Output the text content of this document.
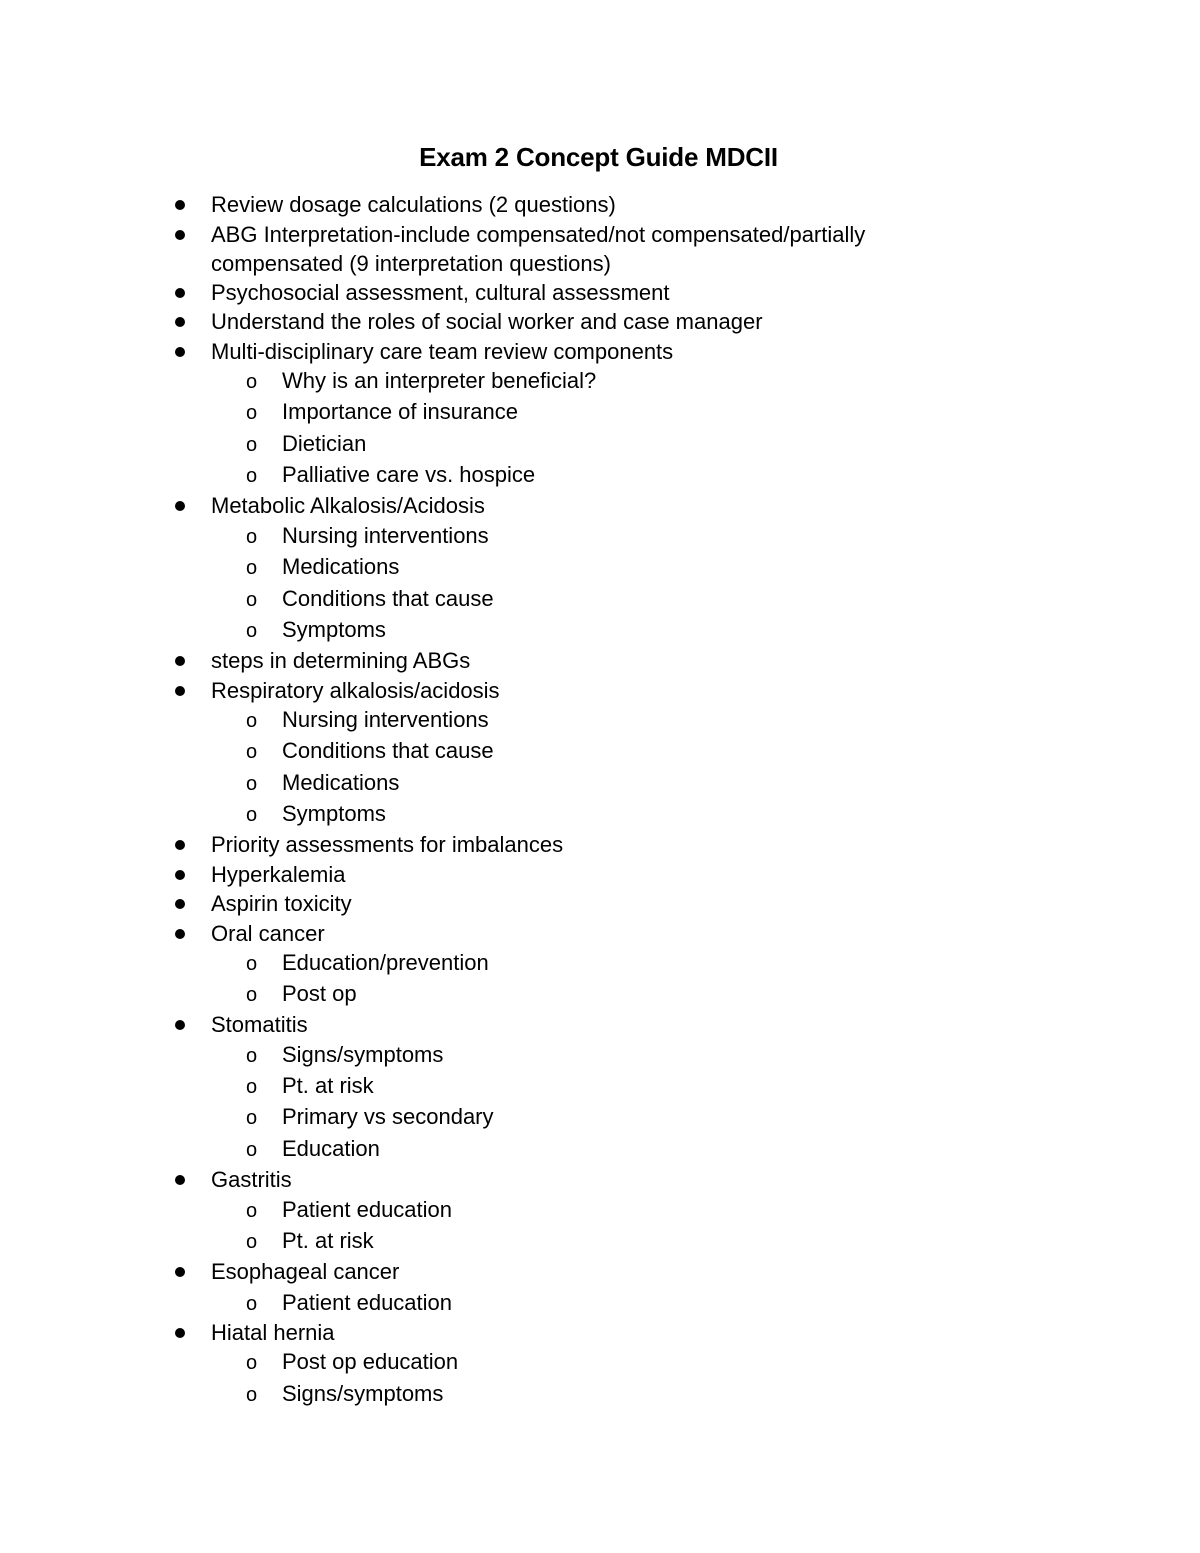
Exam 2 Concept Guide MDCII
Review dosage calculations (2 questions)
ABG Interpretation-include compensated/not compensated/partially
compensated (9 interpretation questions)
Psychosocial assessment, cultural assessment
Understand the roles of social worker and case manager
Multi-disciplinary care team review components
Why is an interpreter beneficial?
o
Importance of insurance
o
Dietician
o
Palliative care vs. hospice
o
Metabolic Alkalosis/Acidosis
Nursing interventions
o
Medications
o
Conditions that cause
o
Symptoms
o
steps in determining ABGs
Respiratory alkalosis/acidosis
Nursing interventions
o
Conditions that cause
o
Medications
o
Symptoms
o
Priority assessments for imbalances
Hyperkalemia
Aspirin toxicity
Oral cancer
Education/prevention
o
Post op
o
Stomatitis
Signs/symptoms
o
Pt. at risk
o
Primary vs secondary
o
Education
o
Gastritis
Patient education
o
Pt. at risk
o
Esophageal cancer
Patient education
o
Hiatal hernia
Post op education
o
Signs/symptoms
o
